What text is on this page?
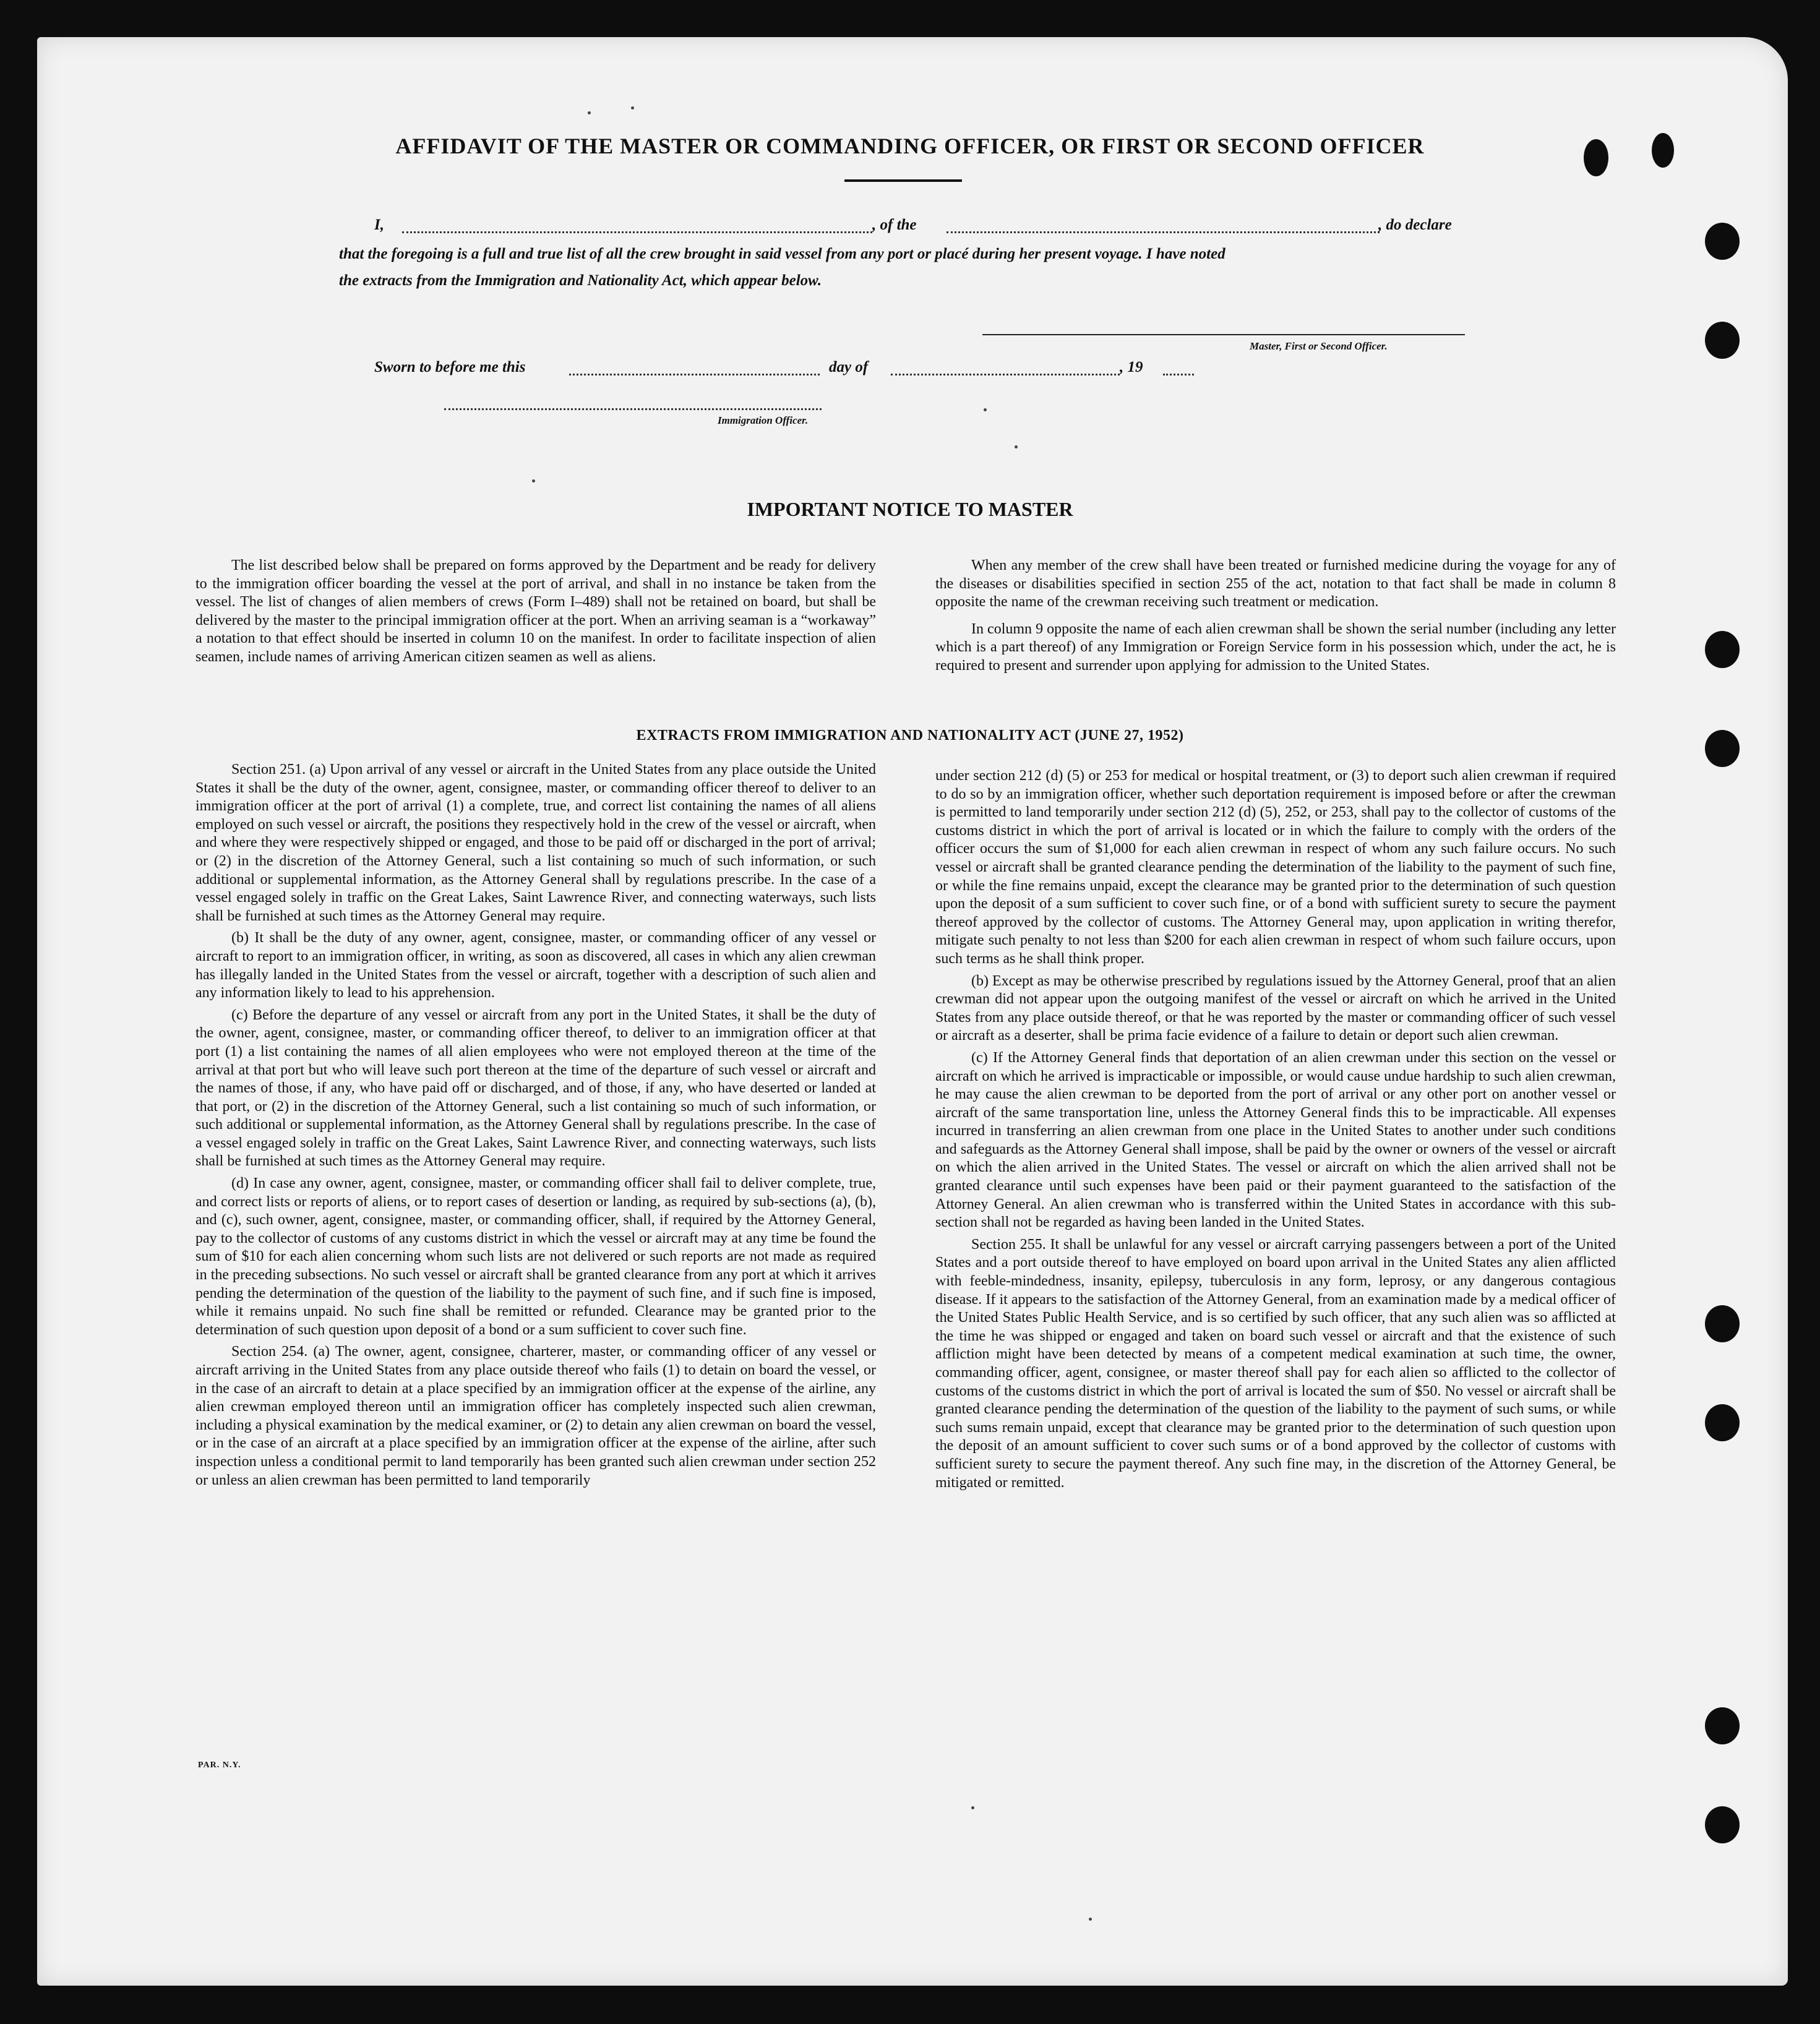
AFFIDAVIT OF THE MASTER OR COMMANDING OFFICER, OR FIRST OR SECOND OFFICER
I,	, of the	, do declare
that the foregoing is a full and true list of all the crew brought in said vessel from any port or placé during her present voyage. I have noted
the extracts from the Immigration and Nationality Act, which appear below.
Master, First or Second Officer.
Sworn to before me this	day of	, 19
Immigration Officer.
IMPORTANT NOTICE TO MASTER

The list described below shall be prepared on forms approved by the Department and be ready for delivery to the immigration officer boarding the vessel at the port of arrival, and shall in no instance be taken from the vessel. The list of changes of alien members of crews (Form I–489) shall not be retained on board, but shall be delivered by the master to the principal immigration officer at the port. When an arriving seaman is a “workaway” a notation to that effect should be inserted in column 10 on the manifest. In order to facilitate inspection of alien seamen, include names of arriving American citizen seamen as well as aliens.

When any member of the crew shall have been treated or furnished medicine during the voyage for any of the diseases or disabilities specified in section 255 of the act, notation to that fact shall be made in column 8 opposite the name of the crewman receiving such treatment or medication.

In column 9 opposite the name of each alien crewman shall be shown the serial number (including any letter which is a part thereof) of any Immigration or Foreign Service form in his possession which, under the act, he is required to present and surrender upon applying for admission to the United States.

EXTRACTS FROM IMMIGRATION AND NATIONALITY ACT (JUNE 27, 1952)

Section 251. (a) Upon arrival of any vessel or aircraft in the United States from any place outside the United States it shall be the duty of the owner, agent, consignee, master, or commanding officer thereof to deliver to an immigration officer at the port of arrival (1) a complete, true, and correct list containing the names of all aliens employed on such vessel or aircraft, the positions they respectively hold in the crew of the vessel or aircraft, when and where they were respectively shipped or engaged, and those to be paid off or discharged in the port of arrival; or (2) in the discretion of the Attorney General, such a list containing so much of such information, or such additional or supplemental information, as the Attorney General shall by regulations prescribe. In the case of a vessel engaged solely in traffic on the Great Lakes, Saint Lawrence River, and connecting waterways, such lists shall be furnished at such times as the Attorney General may require.

(b) It shall be the duty of any owner, agent, consignee, master, or commanding officer of any vessel or aircraft to report to an immigration officer, in writing, as soon as discovered, all cases in which any alien crewman has illegally landed in the United States from the vessel or aircraft, together with a description of such alien and any information likely to lead to his apprehension.

(c) Before the departure of any vessel or aircraft from any port in the United States, it shall be the duty of the owner, agent, consignee, master, or commanding officer thereof, to deliver to an immigration officer at that port (1) a list containing the names of all alien employees who were not employed thereon at the time of the arrival at that port but who will leave such port thereon at the time of the departure of such vessel or aircraft and the names of those, if any, who have paid off or discharged, and of those, if any, who have deserted or landed at that port, or (2) in the discretion of the Attorney General, such a list containing so much of such information, or such additional or supplemental information, as the Attorney General shall by regulations prescribe. In the case of a vessel engaged solely in traffic on the Great Lakes, Saint Lawrence River, and connecting waterways, such lists shall be furnished at such times as the Attorney General may require.

(d) In case any owner, agent, consignee, master, or commanding officer shall fail to deliver complete, true, and correct lists or reports of aliens, or to report cases of desertion or landing, as required by sub-sections (a), (b), and (c), such owner, agent, consignee, master, or commanding officer, shall, if required by the Attorney General, pay to the collector of customs of any customs district in which the vessel or aircraft may at any time be found the sum of $10 for each alien concerning whom such lists are not delivered or such reports are not made as required in the preceding subsections. No such vessel or aircraft shall be granted clearance from any port at which it arrives pending the determination of the question of the liability to the payment of such fine, and if such fine is imposed, while it remains unpaid. No such fine shall be remitted or refunded. Clearance may be granted prior to the determination of such question upon deposit of a bond or a sum sufficient to cover such fine.

Section 254. (a) The owner, agent, consignee, charterer, master, or commanding officer of any vessel or aircraft arriving in the United States from any place outside thereof who fails (1) to detain on board the vessel, or in the case of an aircraft to detain at a place specified by an immigration officer at the expense of the airline, any alien crewman employed thereon until an immigration officer has completely inspected such alien crewman, including a physical examination by the medical examiner, or (2) to detain any alien crewman on board the vessel, or in the case of an aircraft at a place specified by an immigration officer at the expense of the airline, after such inspection unless a conditional permit to land temporarily has been granted such alien crewman under section 252 or unless an alien crewman has been permitted to land temporarily

under section 212 (d) (5) or 253 for medical or hospital treatment, or (3) to deport such alien crewman if required to do so by an immigration officer, whether such deportation requirement is imposed before or after the crewman is permitted to land temporarily under section 212 (d) (5), 252, or 253, shall pay to the collector of customs of the customs district in which the port of arrival is located or in which the failure to comply with the orders of the officer occurs the sum of $1,000 for each alien crewman in respect of whom any such failure occurs. No such vessel or aircraft shall be granted clearance pending the determination of the liability to the payment of such fine, or while the fine remains unpaid, except the clearance may be granted prior to the determination of such question upon the deposit of a sum sufficient to cover such fine, or of a bond with sufficient surety to secure the payment thereof approved by the collector of customs. The Attorney General may, upon application in writing therefor, mitigate such penalty to not less than $200 for each alien crewman in respect of whom such failure occurs, upon such terms as he shall think proper.

(b) Except as may be otherwise prescribed by regulations issued by the Attorney General, proof that an alien crewman did not appear upon the outgoing manifest of the vessel or aircraft on which he arrived in the United States from any place outside thereof, or that he was reported by the master or commanding officer of such vessel or aircraft as a deserter, shall be prima facie evidence of a failure to detain or deport such alien crewman.

(c) If the Attorney General finds that deportation of an alien crewman under this section on the vessel or aircraft on which he arrived is impracticable or impossible, or would cause undue hardship to such alien crewman, he may cause the alien crewman to be deported from the port of arrival or any other port on another vessel or aircraft of the same transportation line, unless the Attorney General finds this to be impracticable. All expenses incurred in transferring an alien crewman from one place in the United States to another under such conditions and safeguards as the Attorney General shall impose, shall be paid by the owner or owners of the vessel or aircraft on which the alien arrived in the United States. The vessel or aircraft on which the alien arrived shall not be granted clearance until such expenses have been paid or their payment guaranteed to the satisfaction of the Attorney General. An alien crewman who is transferred within the United States in accordance with this sub-section shall not be regarded as having been landed in the United States.

Section 255. It shall be unlawful for any vessel or aircraft carrying passengers between a port of the United States and a port outside thereof to have employed on board upon arrival in the United States any alien afflicted with feeble-mindedness, insanity, epilepsy, tuberculosis in any form, leprosy, or any dangerous contagious disease. If it appears to the satisfaction of the Attorney General, from an examination made by a medical officer of the United States Public Health Service, and is so certified by such officer, that any such alien was so afflicted at the time he was shipped or engaged and taken on board such vessel or aircraft and that the existence of such affliction might have been detected by means of a competent medical examination at such time, the owner, commanding officer, agent, consignee, or master thereof shall pay for each alien so afflicted to the collector of customs of the customs district in which the port of arrival is located the sum of $50. No vessel or aircraft shall be granted clearance pending the determination of the question of the liability to the payment of such sums, or while such sums remain unpaid, except that clearance may be granted prior to the determination of such question upon the deposit of an amount sufficient to cover such sums or of a bond approved by the collector of customs with sufficient surety to secure the payment thereof. Any such fine may, in the discretion of the Attorney General, be mitigated or remitted.

PAR. N.Y.
